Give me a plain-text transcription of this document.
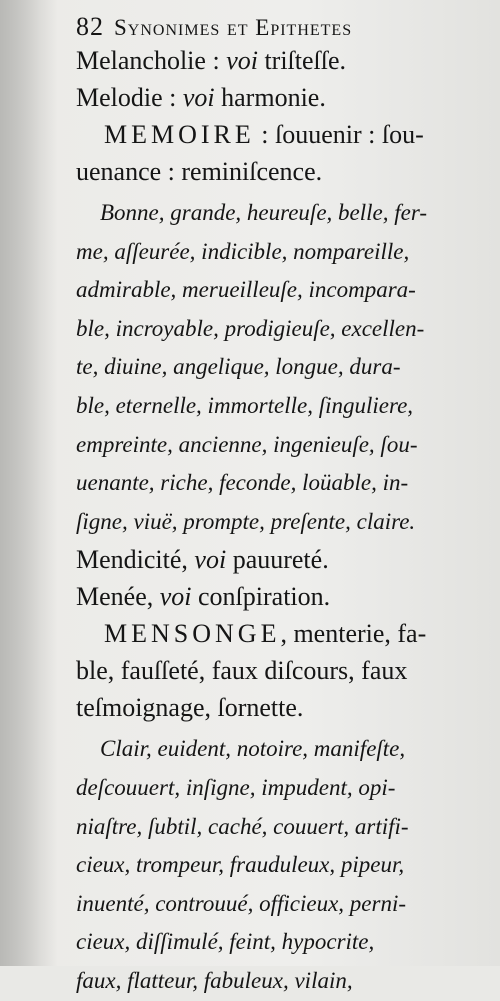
82 Synonimes et Epithetes
Melancholie : voi triſteſſe.
Melodie : voi harmonie.
MEMOIRE : ſouuenir : ſou-
uenance : reminiſcence.
Bonne, grande, heureuſe, belle, fer-
me, aſſeurée, indicible, nompareille,
admirable, merueilleuſe, incompara-
ble, incroyable, prodigieuſe, excellen-
te, diuine, angelique, longue, dura-
ble, eternelle, immortelle, ſinguliere,
empreinte, ancienne, ingenieuſe, ſou-
uenante, riche, feconde, loüable, in-
ſigne, viuë, prompte, preſente, claire.
Mendicité, voi pauureté.
Menée, voi conſpiration.
MENSONGE, menterie, fa-
ble, fauſſeté, faux diſcours, faux
teſmoignage, ſornette.
Clair, euident, notoire, manifeſte,
deſcouuert, inſigne, impudent, opi-
niaſtre, ſubtil, caché, couuert, artifi-
cieux, trompeur, frauduleux, pipeur,
inuenté, controuué, officieux, perni-
cieux, diſſimulé, feint, hypocrite,
faux, flatteur, fabuleux, vilain,
